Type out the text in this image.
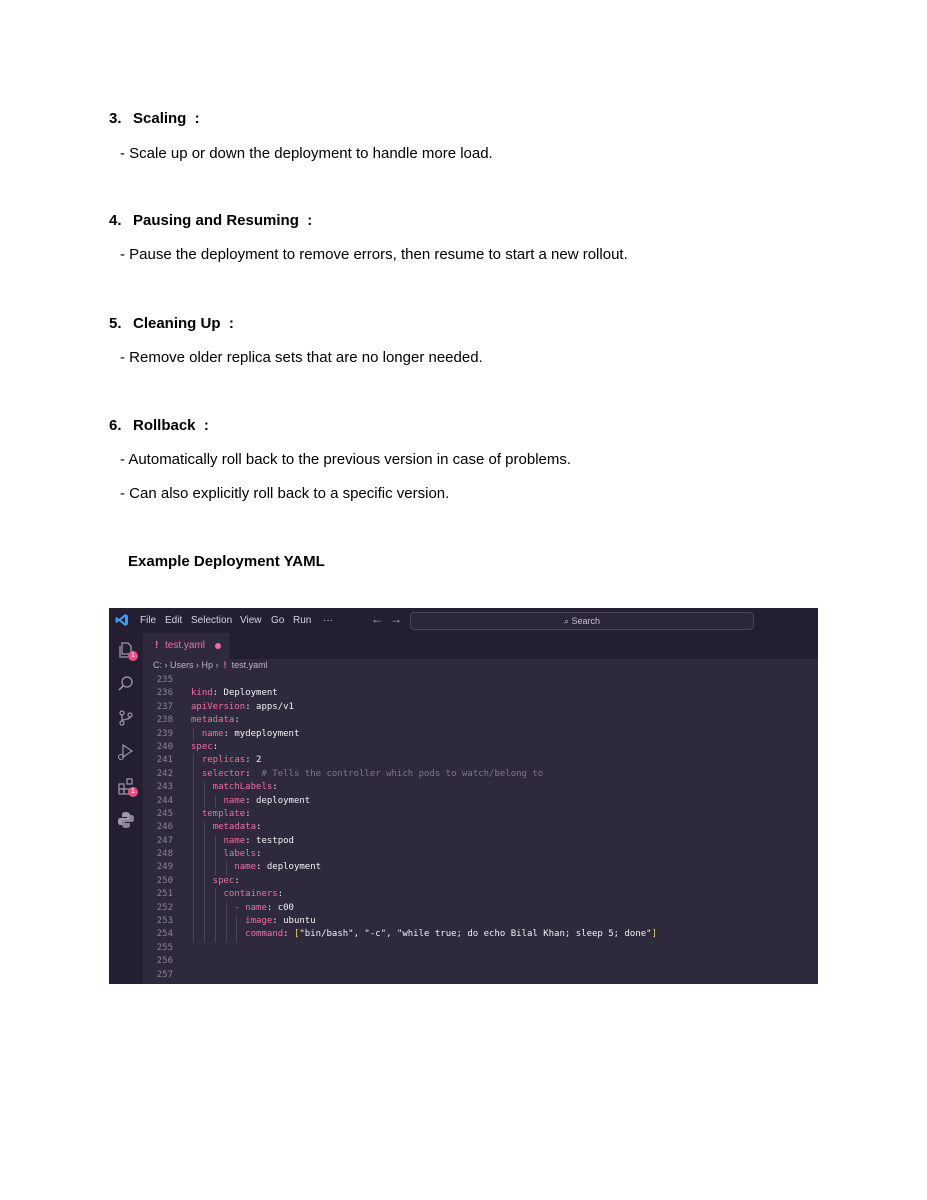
3. Scaling  :
- Scale up or down the deployment to handle more load.
4. Pausing and Resuming  :
- Pause the deployment to remove errors, then resume to start a new rollout.
5. Cleaning Up  :
- Remove older replica sets that are no longer needed.
6. Rollback  :
- Automatically roll back to the previous version in case of problems.
- Can also explicitly roll back to a specific version.
Example Deployment YAML
File Edit Selection View Go Run ···	← →	⌕ Search
1
1
! test.yaml
C: › Users › Hp ›  ! test.yaml
235
236 kind: Deployment
237 apiVersion: apps/v1
238 metadata:
239 name: mydeployment
240 spec:
241 replicas: 2
242 selector:  # Tells the controller which pods to watch/belong to
243 matchLabels:
244 name: deployment
245 template:
246 metadata:
247 name: testpod
248 labels:
249 name: deployment
250 spec:
251 containers:
252 - name: c00
253 image: ubuntu
254 command: ["bin/bash", "-c", "while true; do echo Bilal Khan; sleep 5; done"]
255
256
257
